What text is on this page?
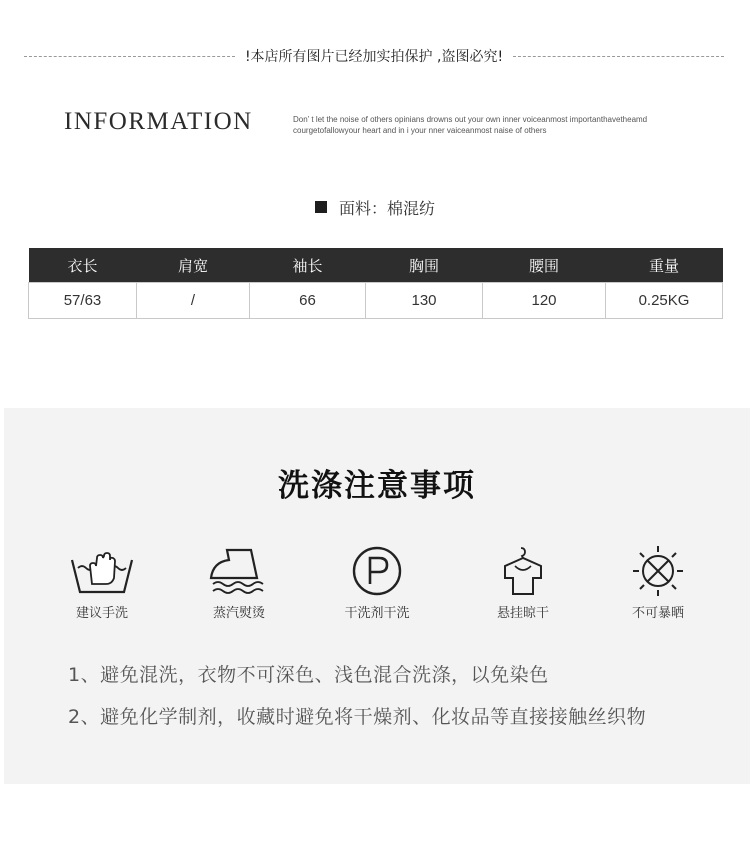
!本店所有图片已经加实拍保护 ,盗图必究!
INFORMATION	Don’ t let the noise of others opinians drowns out your own inner voiceanmost importanthavetheamd
courgetofallowyour heart and in i your nner vaiceanmost naise of others
面料：棉混纺
衣长	肩宽	袖长	胸围	腰围	重量
57/63	/	66	130	120	0.25KG
洗涤注意事项
建议手洗	蒸汽熨烫	干洗剂干洗	悬挂晾干	不可暴晒
1、避免混洗，衣物不可深色、浅色混合洗涤，以免染色
2、避免化学制剂，收藏时避免将干燥剂、化妆品等直接接触丝织物
